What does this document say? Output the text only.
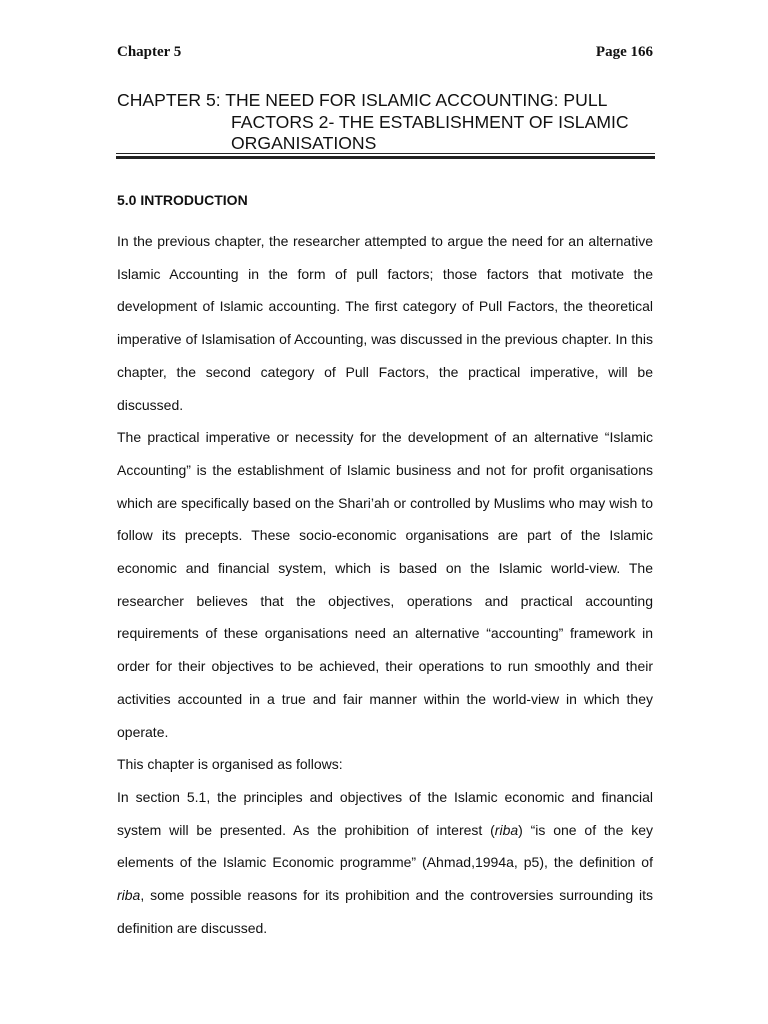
Chapter 5	Page 166
CHAPTER 5: THE NEED FOR ISLAMIC ACCOUNTING: PULL
FACTORS 2- THE ESTABLISHMENT OF ISLAMIC
ORGANISATIONS
5.0 INTRODUCTION

In the previous chapter, the researcher attempted to argue the need for an alternative Islamic Accounting in the form of pull factors; those factors that motivate the development of Islamic accounting. The first category of Pull Factors, the theoretical imperative of Islamisation of Accounting, was discussed in the previous chapter. In this chapter, the second category of Pull Factors, the practical imperative, will be discussed.

The practical imperative or necessity for the development of an alternative “Islamic Accounting” is the establishment of Islamic business and not for profit organisations which are specifically based on the Shari’ah or controlled by Muslims who may wish to follow its precepts. These socio-economic organisations are part of the Islamic economic and financial system, which is based on the Islamic world-view. The researcher believes that the objectives, operations and practical accounting requirements of these organisations need an alternative “accounting” framework in order for their objectives to be achieved, their operations to run smoothly and their activities accounted in a true and fair manner within the world-view in which they operate.

This chapter is organised as follows:

In section 5.1, the principles and objectives of the Islamic economic and financial system will be presented. As the prohibition of interest (riba) “is one of the key elements of the Islamic Economic programme” (Ahmad,1994a, p5), the definition of riba, some possible reasons for its prohibition and the controversies surrounding its definition are discussed.
